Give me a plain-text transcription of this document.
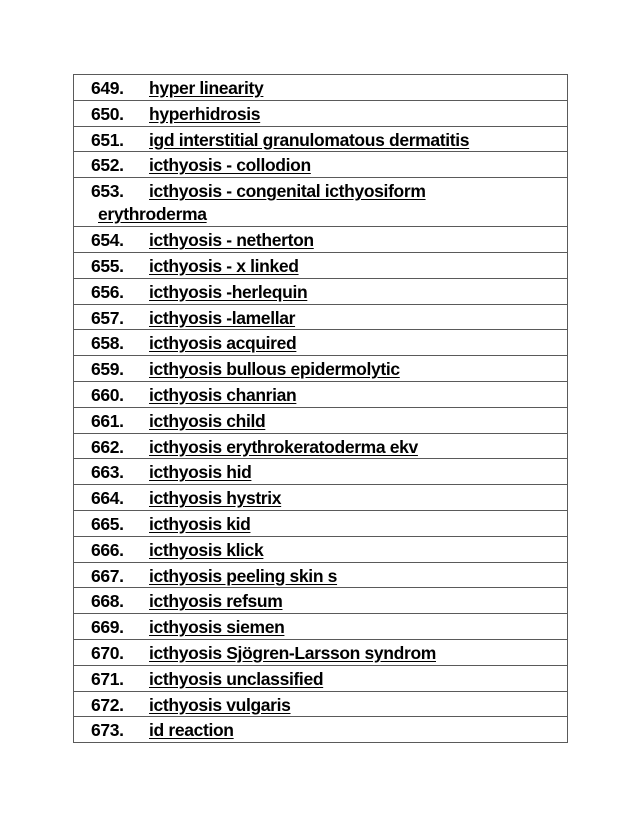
649.	hyper linearity

650.	hyperhidrosis

651.	igd interstitial granulomatous dermatitis

652.	icthyosis - collodion

653.	icthyosis - congenital icthyosiform
erythroderma

654.	icthyosis - netherton

655.	icthyosis - x linked

656.	icthyosis -herlequin

657.	icthyosis -lamellar

658.	icthyosis acquired

659.	icthyosis bullous epidermolytic

660.	icthyosis chanrian

661.	icthyosis child

662.	icthyosis erythrokeratoderma ekv

663.	icthyosis hid

664.	icthyosis hystrix

665.	icthyosis kid

666.	icthyosis klick

667.	icthyosis peeling skin s

668.	icthyosis refsum

669.	icthyosis siemen

670.	icthyosis Sjögren-Larsson syndrom

671.	icthyosis unclassified

672.	icthyosis vulgaris

673.	id reaction
